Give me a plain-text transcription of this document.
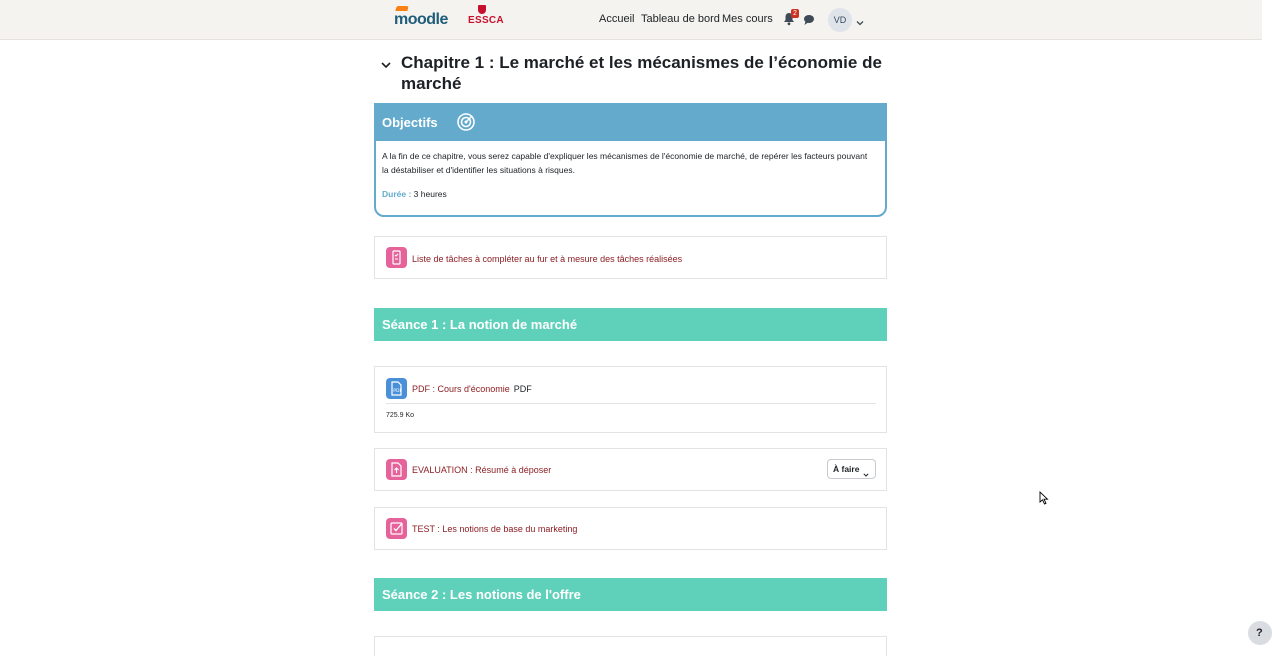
moodle ESSCA	Accueil Tableau de bord Mes cours	2
VD
Chapitre 1 : Le marché et les mécanismes de l’économie de marché
Objectifs

A la fin de ce chapitre, vous serez capable d'expliquer les mécanismes de l'économie de marché, de repérer les facteurs pouvant la déstabiliser et d'identifier les situations à risques.

Durée : 3 heures

Liste de tâches à compléter au fur et à mesure des tâches réalisées
Séance 1 : La notion de marché
PDF PDF : Cours d'économie PDF
725.9 Ko
EVALUATION : Résumé à déposer	À faire
TEST : Les notions de base du marketing
Séance 2 : Les notions de l'offre
?
